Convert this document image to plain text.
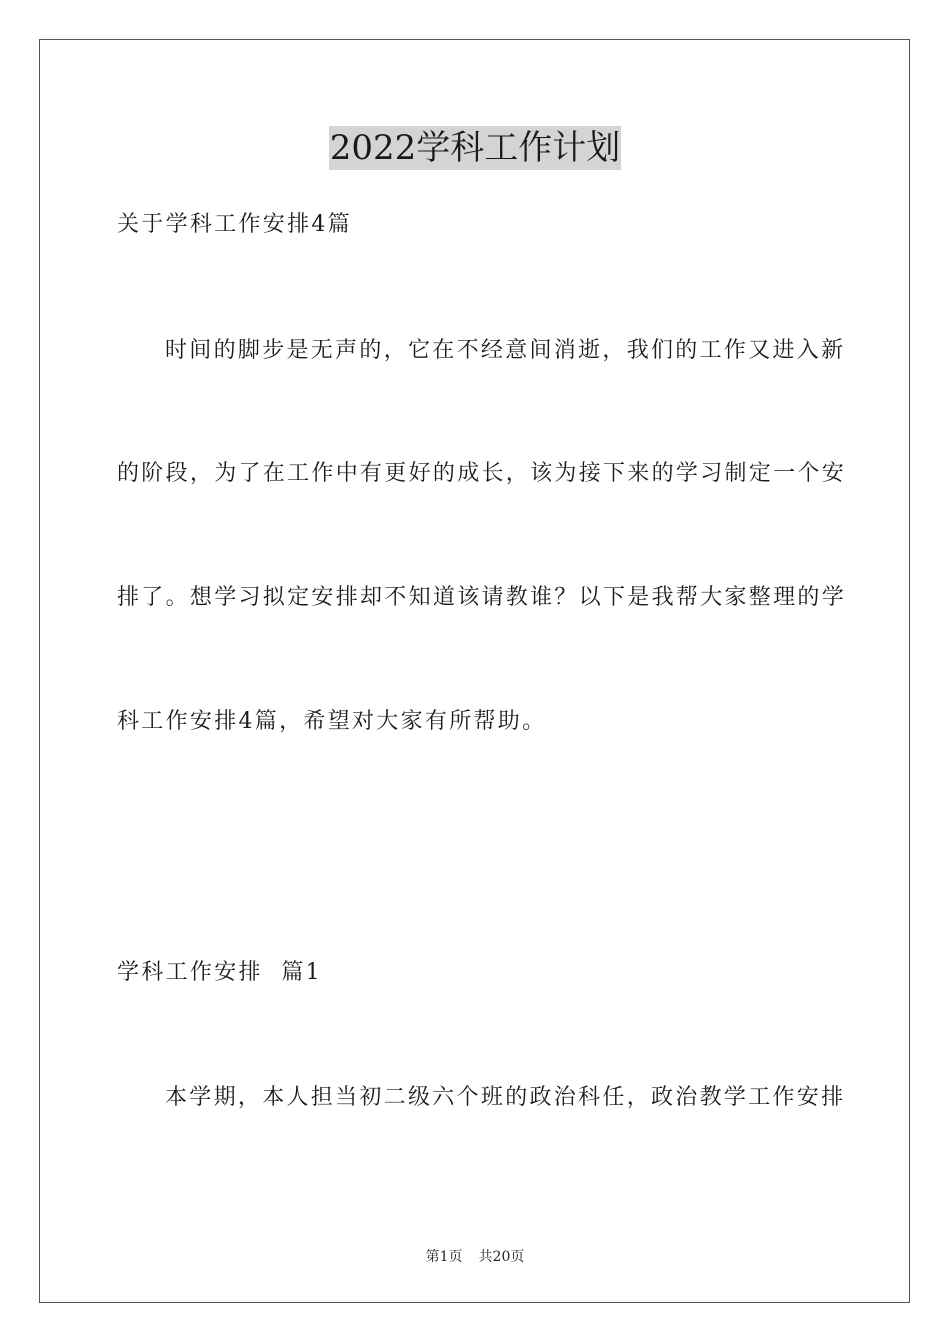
2022学科工作计划
关于学科工作安排4篇
时间的脚步是无声的，它在不经意间消逝，我们的工作又进入新
的阶段，为了在工作中有更好的成长，该为接下来的学习制定一个安
排了。想学习拟定安排却不知道该请教谁？以下是我帮大家整理的学
科工作安排4篇，希望对大家有所帮助。
学科工作安排  篇1
本学期，本人担当初二级六个班的政治科任，政治教学工作安排
第1页 共20页
